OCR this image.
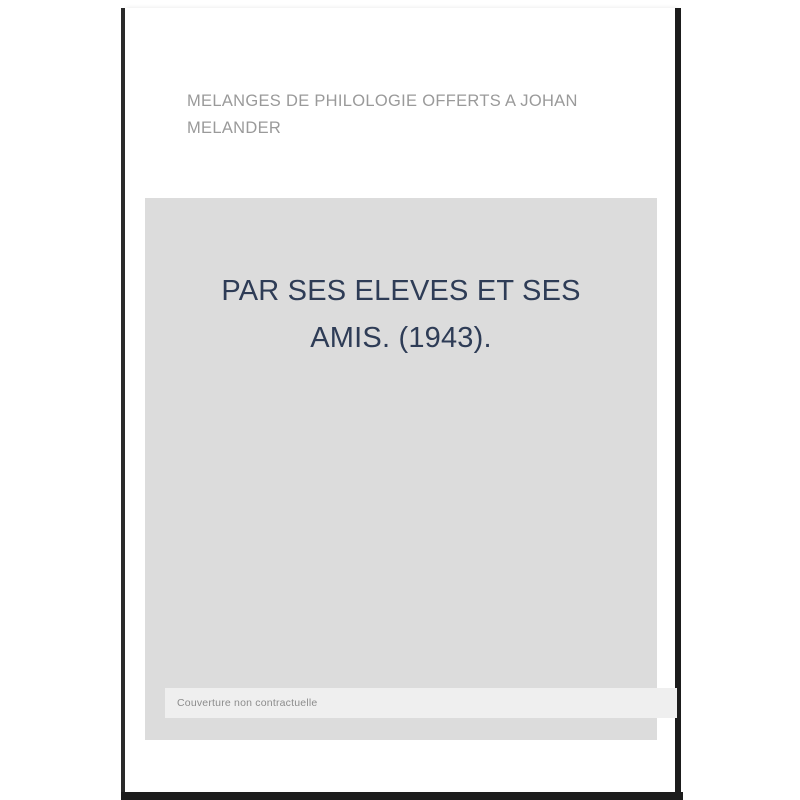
MELANGES DE PHILOLOGIE OFFERTS A JOHAN MELANDER
PAR SES ELEVES ET SES AMIS. (1943).
Couverture non contractuelle
